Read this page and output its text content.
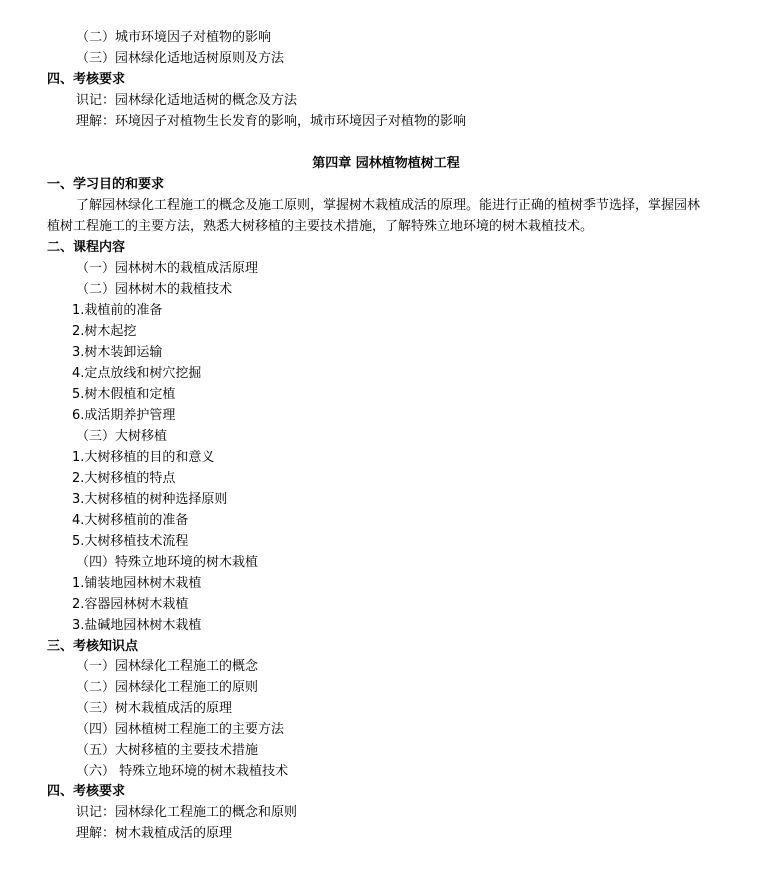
（二）城市环境因子对植物的影响
（三）园林绿化适地适树原则及方法
四、考核要求
识记：园林绿化适地适树的概念及方法
理解：环境因子对植物生长发育的影响，城市环境因子对植物的影响
第四章 园林植物植树工程
一、学习目的和要求
了解园林绿化工程施工的概念及施工原则，掌握树木栽植成活的原理。能进行正确的植树季节选择，掌握园林
植树工程施工的主要方法，熟悉大树移植的主要技术措施，了解特殊立地环境的树木栽植技术。
二、课程内容
（一）园林树木的栽植成活原理
（二）园林树木的栽植技术
1.栽植前的准备
2.树木起挖
3.树木装卸运输
4.定点放线和树穴挖掘
5.树木假植和定植
6.成活期养护管理
（三）大树移植
1.大树移植的目的和意义
2.大树移植的特点
3.大树移植的树种选择原则
4.大树移植前的准备
5.大树移植技术流程
（四）特殊立地环境的树木栽植
1.铺装地园林树木栽植
2.容器园林树木栽植
3.盐碱地园林树木栽植
三、考核知识点
（一）园林绿化工程施工的概念
（二）园林绿化工程施工的原则
（三）树木栽植成活的原理
（四）园林植树工程施工的主要方法
（五）大树移植的主要技术措施
（六） 特殊立地环境的树木栽植技术
四、考核要求
识记：园林绿化工程施工的概念和原则
理解：树木栽植成活的原理
